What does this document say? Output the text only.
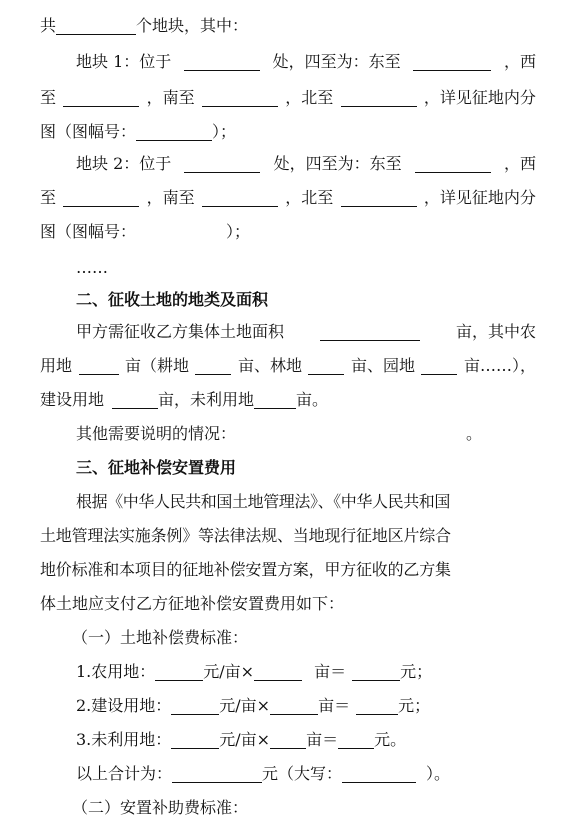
共	个地块，其中：
地块 1：位于	处，四至为：东至	，西
至	，南至	，北至	，详见征地内分
图（图幅号：	）；
地块 2：位于	处，四至为：东至	，西
至	，南至	，北至	，详见征地内分
图（图幅号：	）；
……
二、征收土地的地类及面积
甲方需征收乙方集体土地面积	亩，其中农
用地	亩（耕地	亩、林地	亩、园地	亩……），
建设用地	亩，未利用地	亩。
其他需要说明的情况：	。
三、征地补偿安置费用
根据《中华人民共和国土地管理法》、《中华人民共和国
土地管理法实施条例》等法律法规、当地现行征地区片综合
地价标准和本项目的征地补偿安置方案，甲方征收的乙方集
体土地应支付乙方征地补偿安置费用如下：
（一）土地补偿费标准：
1.农用地：	元/亩×	亩＝	元；
2.建设用地：	元/亩×	亩＝	元；
3.未利用地：	元/亩× 亩＝ 元。
以上合计为：	元（大写：	）。
（二）安置补助费标准：
